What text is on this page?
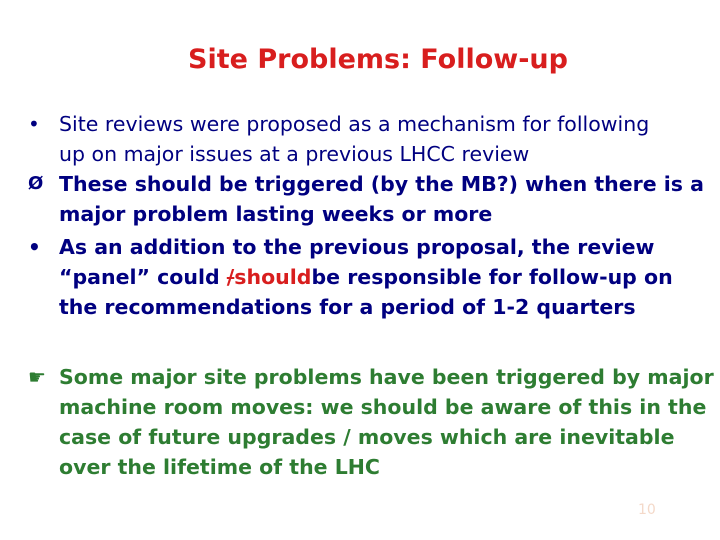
Site Problems: Follow-up
• Site reviews were proposed as a mechanism for following
up on major issues at a previous LHCC review
Ø These should be triggered (by the MB?) when there is a
major problem lasting weeks or more
• As an addition to the previous proposal, the review
“panel” could /shouldbe responsible for follow-up on
the recommendations for a period of 1-2 quarters
☛ Some major site problems have been triggered by major
machine room moves: we should be aware of this in the
case of future upgrades / moves which are inevitable
over the lifetime of the LHC
10
